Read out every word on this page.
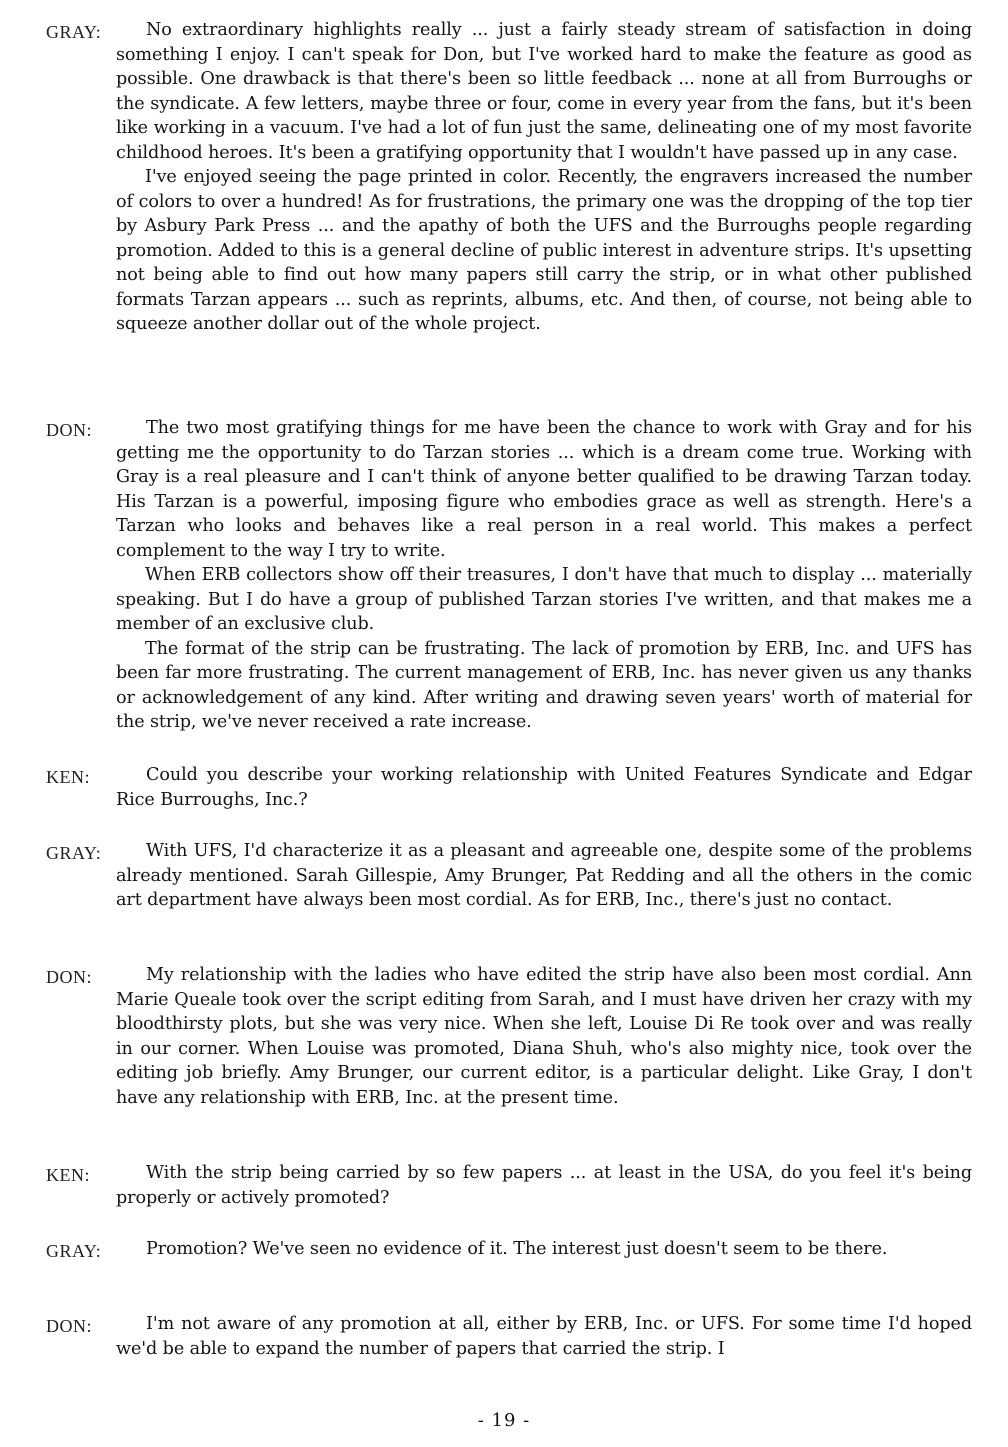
GRAY:	No extraordinary highlights really ... just a fairly steady stream of satisfaction in doing something I enjoy. I can't speak for Don, but I've worked hard to make the feature as good as possible. One drawback is that there's been so little feedback ... none at all from Burroughs or the syndicate. A few letters, maybe three or four, come in every year from the fans, but it's been like working in a vacuum. I've had a lot of fun just the same, delineating one of my most favorite childhood heroes. It's been a gratifying opportunity that I wouldn't have passed up in any case.

I've enjoyed seeing the page printed in color. Recently, the engravers increased the number of colors to over a hundred! As for frustrations, the primary one was the dropping of the top tier by Asbury Park Press ... and the apathy of both the UFS and the Burroughs people regarding promotion. Added to this is a general decline of public interest in adventure strips. It's upsetting not being able to find out how many papers still carry the strip, or in what other published formats Tarzan appears ... such as reprints, albums, etc. And then, of course, not being able to squeeze another dollar out of the whole project.

DON:	The two most gratifying things for me have been the chance to work with Gray and for his getting me the opportunity to do Tarzan stories ... which is a dream come true. Working with Gray is a real pleasure and I can't think of anyone better qualified to be drawing Tarzan today. His Tarzan is a powerful, imposing figure who embodies grace as well as strength. Here's a Tarzan who looks and behaves like a real person in a real world. This makes a perfect complement to the way I try to write.

When ERB collectors show off their treasures, I don't have that much to display ... materially speaking. But I do have a group of published Tarzan stories I've written, and that makes me a member of an exclusive club.

The format of the strip can be frustrating. The lack of promotion by ERB, Inc. and UFS has been far more frustrating. The current management of ERB, Inc. has never given us any thanks or acknowledgement of any kind. After writing and drawing seven years' worth of material for the strip, we've never received a rate increase.

KEN:	Could you describe your working relationship with United Features Syndicate and Edgar Rice Burroughs, Inc.?

GRAY:	With UFS, I'd characterize it as a pleasant and agreeable one, despite some of the problems already mentioned. Sarah Gillespie, Amy Brunger, Pat Redding and all the others in the comic art department have always been most cordial. As for ERB, Inc., there's just no contact.

DON:	My relationship with the ladies who have edited the strip have also been most cordial. Ann Marie Queale took over the script editing from Sarah, and I must have driven her crazy with my bloodthirsty plots, but she was very nice. When she left, Louise Di Re took over and was really in our corner. When Louise was promoted, Diana Shuh, who's also mighty nice, took over the editing job briefly. Amy Brunger, our current editor, is a particular delight. Like Gray, I don't have any relationship with ERB, Inc. at the present time.

KEN:	With the strip being carried by so few papers ... at least in the USA, do you feel it's being properly or actively promoted?

GRAY:	Promotion? We've seen no evidence of it. The interest just doesn't seem to be there.

DON:	I'm not aware of any promotion at all, either by ERB, Inc. or UFS. For some time I'd hoped we'd be able to expand the number of papers that carried the strip. I

- 19 -
